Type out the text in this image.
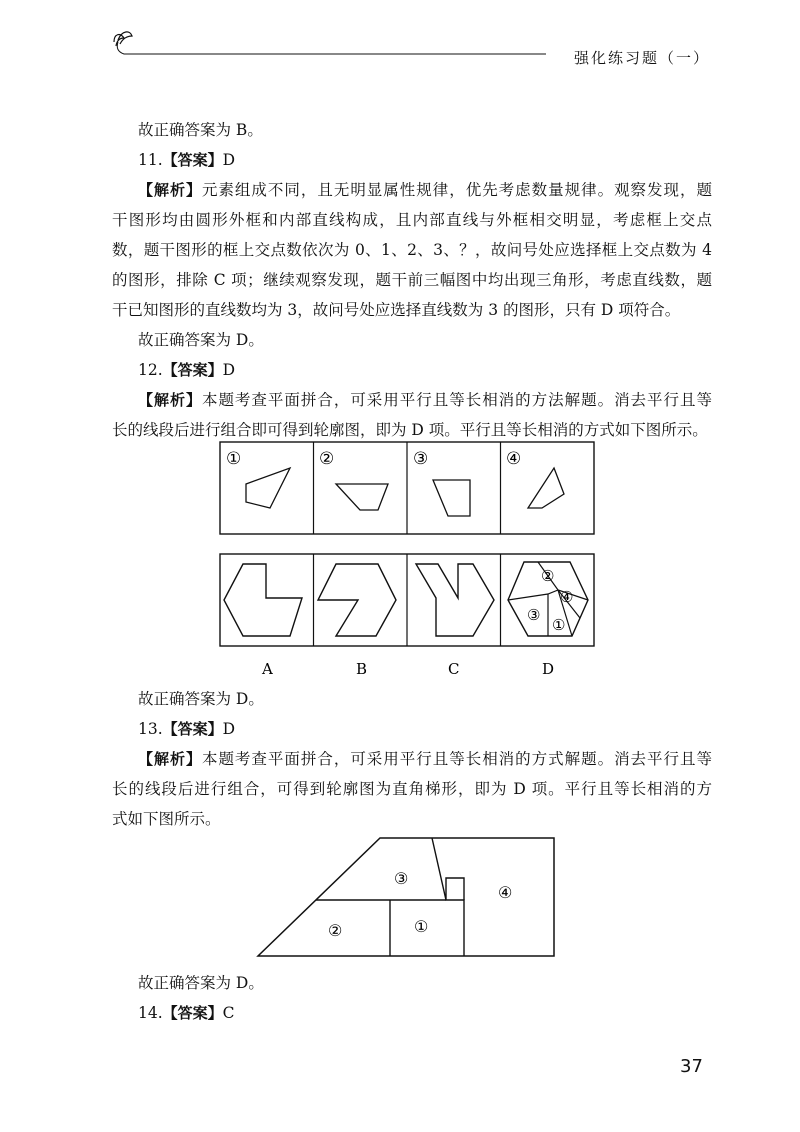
强化练习题（一）

故正确答案为 B。

11.【答案】D

【解析】元素组成不同，且无明显属性规律，优先考虑数量规律。观察发现，题

干图形均由圆形外框和内部直线构成，且内部直线与外框相交明显，考虑框上交点

数，题干图形的框上交点数依次为 0、1、2、3、？，故问号处应选择框上交点数为 4

的图形，排除 C 项；继续观察发现，题干前三幅图中均出现三角形，考虑直线数，题

干已知图形的直线数均为 3，故问号处应选择直线数为 3 的图形，只有 D 项符合。

故正确答案为 D。

12.【答案】D

【解析】本题考查平面拼合，可采用平行且等长相消的方法解题。消去平行且等

长的线段后进行组合即可得到轮廓图，即为 D 项。平行且等长相消的方式如下图所示。

①	②	③	④
②
④
③
①
A	B	C	D

故正确答案为 D。

13.【答案】D

【解析】本题考查平面拼合，可采用平行且等长相消的方式解题。消去平行且等

长的线段后进行组合，可得到轮廓图为直角梯形，即为 D 项。平行且等长相消的方

式如下图所示。

③
④
②	①

故正确答案为 D。

14.【答案】C

37
